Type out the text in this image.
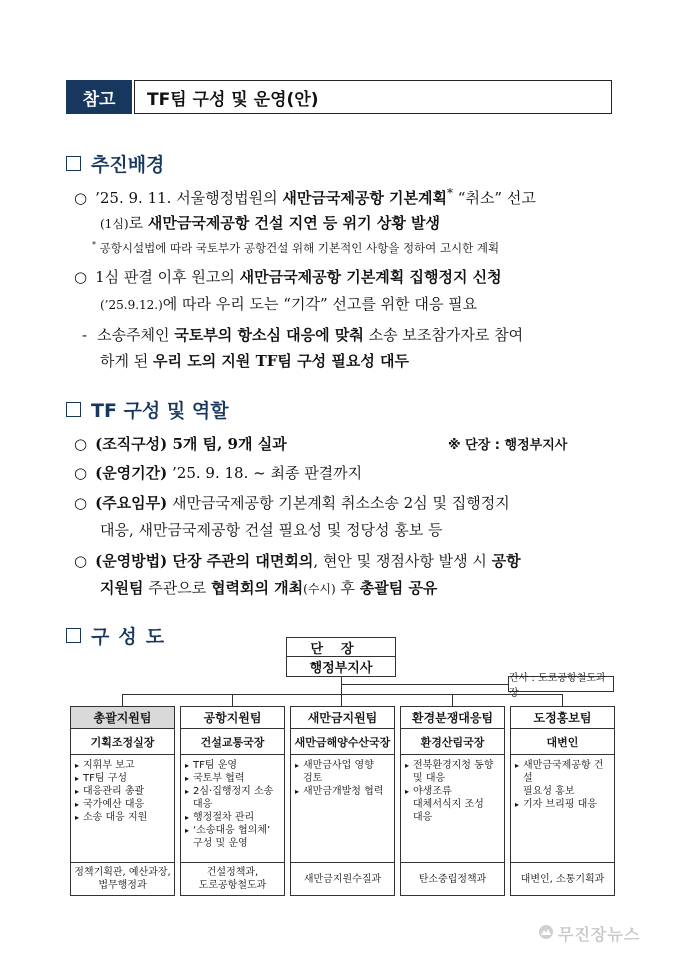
참고	TF팀 구성 및 운영(안)
추진배경
○ ’25. 9. 11. 서울행정법원의 새만금국제공항 기본계획* “취소” 선고
(1심)로 새만금국제공항 건설 지연 등 위기 상황 발생
* 공항시설법에 따라 국토부가 공항건설 위해 기본적인 사항을 정하여 고시한 계획
○ 1심 판결 이후 원고의 새만금국제공항 기본계획 집행정지 신청
(’25.9.12.)에 따라 우리 도는 “기각” 선고를 위한 대응 필요
- 소송주체인 국토부의 항소심 대응에 맞춰 소송 보조참가자로 참여
하게 된 우리 도의 지원 TF팀 구성 필요성 대두
TF 구성 및 역할
○ (조직구성) 5개 팀, 9개 실과	※ 단장 : 행정부지사
○ (운영기간) ’25. 9. 18. ~ 최종 판결까지
○ (주요임무) 새만금국제공항 기본계획 취소소송 2심 및 집행정지
대응, 새만금국제공항 건설 필요성 및 정당성 홍보 등
○ (운영방법) 단장 주관의 대면회의, 현안 및 쟁점사항 발생 시 공항
지원팀 주관으로 협력회의 개최(수시) 후 총괄팀 공유
구성도
단장
행정부지사
간사 : 도로공항철도과
총괄지원팀
기획조정실장
▸ 지휘부 보고
▸ TF팀 구성
▸ 대응관리 총괄
▸ 국가예산 대응
▸ 소송 대응 지원
정책기획관, 예산과장,
법무행정과
공항지원팀
건설교통국장
▸ TF팀 운영
▸ 국토부 협력
▸ 2심·집행정지 소송
대응
▸ 행정절차 관리
▸ ‘소송대응 협의체’
구성 및 운영
건설정책과,
도로공항철도과
새만금지원팀
새만금해양수산국장
▸ 새만금사업 영향
검토
▸ 새만금개발청 협력
새만금지원수질과
환경분쟁대응팀
환경산림국장
▸ 전북환경지청 동향
및 대응
▸ 야생조류
대체서식지 조성
대응
탄소중립정책과
도정홍보팀
대변인
▸ 새만금국제공항 건설
필요성 홍보
▸ 기자 브리핑 대응
대변인, 소통기획과
무진장뉴스
